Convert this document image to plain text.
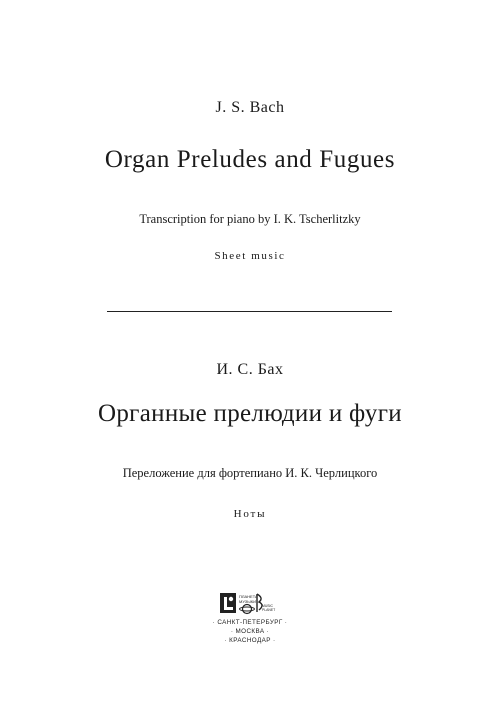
J. S. Bach
Organ Preludes and Fugues
Transcription for piano by I. K. Tscherlitzky
Sheet music
И. С. Бах
Органные прелюдии и фуги
Переложение для фортепиано И. К. Черлицкого
Ноты
ПЛАНЕТА
МУЗЫКИ
MUSIC
PLANET
· САНКТ-ПЕТЕРБУРГ ·
· МОСКВА ·
· КРАСНОДАР ·
